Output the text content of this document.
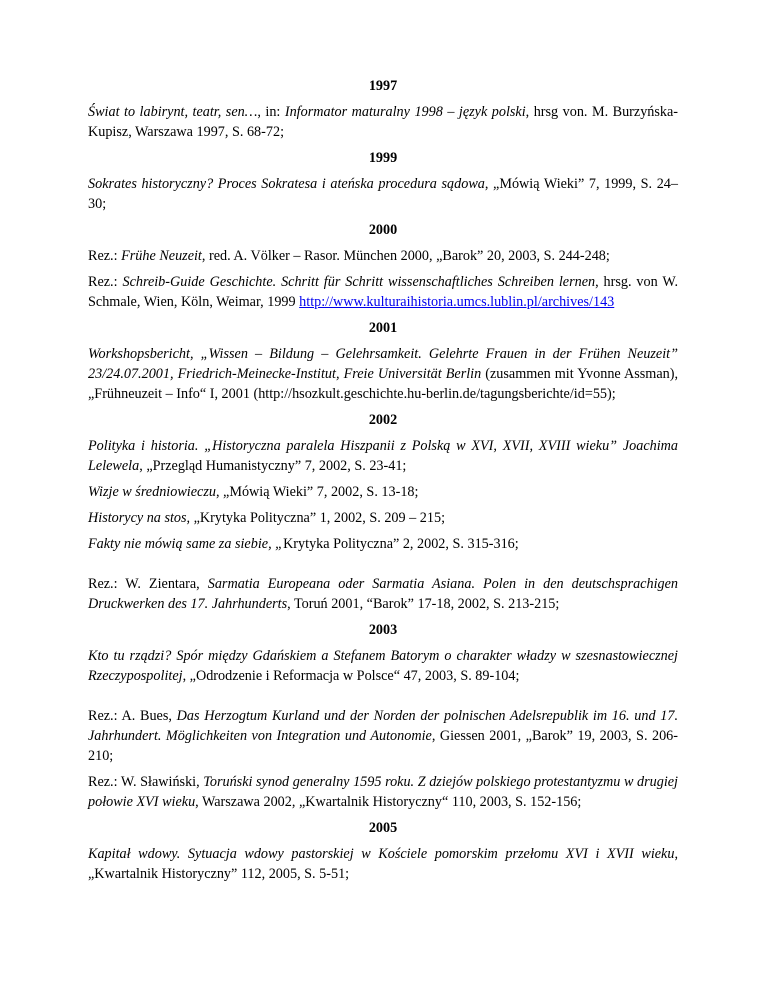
1997

Świat to labirynt, teatr, sen…, in: Informator maturalny 1998 – język polski, hrsg von. M. Burzyńska-Kupisz, Warszawa 1997, S. 68-72;

1999

Sokrates historyczny? Proces Sokratesa i ateńska procedura sądowa, „Mówią Wieki” 7, 1999, S. 24–30;

2000

Rez.: Frühe Neuzeit, red. A. Völker – Rasor. München 2000, „Barok” 20, 2003, S. 244-248;

Rez.: Schreib-Guide Geschichte. Schritt für Schritt wissenschaftliches Schreiben lernen, hrsg. von W. Schmale, Wien, Köln, Weimar, 1999 http://www.kulturaihistoria.umcs.lublin.pl/archives/143

2001

Workshopsbericht, „Wissen – Bildung – Gelehrsamkeit. Gelehrte Frauen in der Frühen Neuzeit” 23/24.07.2001, Friedrich-Meinecke-Institut, Freie Universität Berlin (zusammen mit Yvonne Assman), „Frühneuzeit – Info“ I, 2001 (http://hsozkult.geschichte.hu-berlin.de/tagungsberichte/id=55);

2002

Polityka i historia. „Historyczna paralela Hiszpanii z Polską w XVI, XVII, XVIII wieku” Joachima Lelewela, „Przegląd Humanistyczny” 7, 2002, S. 23-41;

Wizje w średniowieczu, „Mówią Wieki” 7, 2002, S. 13-18;

Historycy na stos, „Krytyka Polityczna” 1, 2002, S. 209 – 215;

Fakty nie mówią same za siebie, „Krytyka Polityczna” 2, 2002, S. 315-316;

Rez.: W. Zientara, Sarmatia Europeana oder Sarmatia Asiana. Polen in den deutschsprachigen Druckwerken des 17. Jahrhunderts, Toruń 2001, “Barok” 17-18, 2002, S. 213-215;

2003

Kto tu rządzi? Spór między Gdańskiem a Stefanem Batorym o charakter władzy w szesnastowiecznej Rzeczypospolitej, „Odrodzenie i Reformacja w Polsce“ 47, 2003, S. 89-104;

Rez.: A. Bues, Das Herzogtum Kurland und der Norden der polnischen Adelsrepublik im 16. und 17. Jahrhundert. Möglichkeiten von Integration und Autonomie, Giessen 2001, „Barok” 19, 2003, S. 206-210;

Rez.: W. Sławiński, Toruński synod generalny 1595 roku. Z dziejów polskiego protestantyzmu w drugiej połowie XVI wieku, Warszawa 2002, „Kwartalnik Historyczny“ 110, 2003, S. 152-156;

2005

Kapitał wdowy. Sytuacja wdowy pastorskiej w Kościele pomorskim przełomu XVI i XVII wieku, „Kwartalnik Historyczny” 112, 2005, S. 5-51;
